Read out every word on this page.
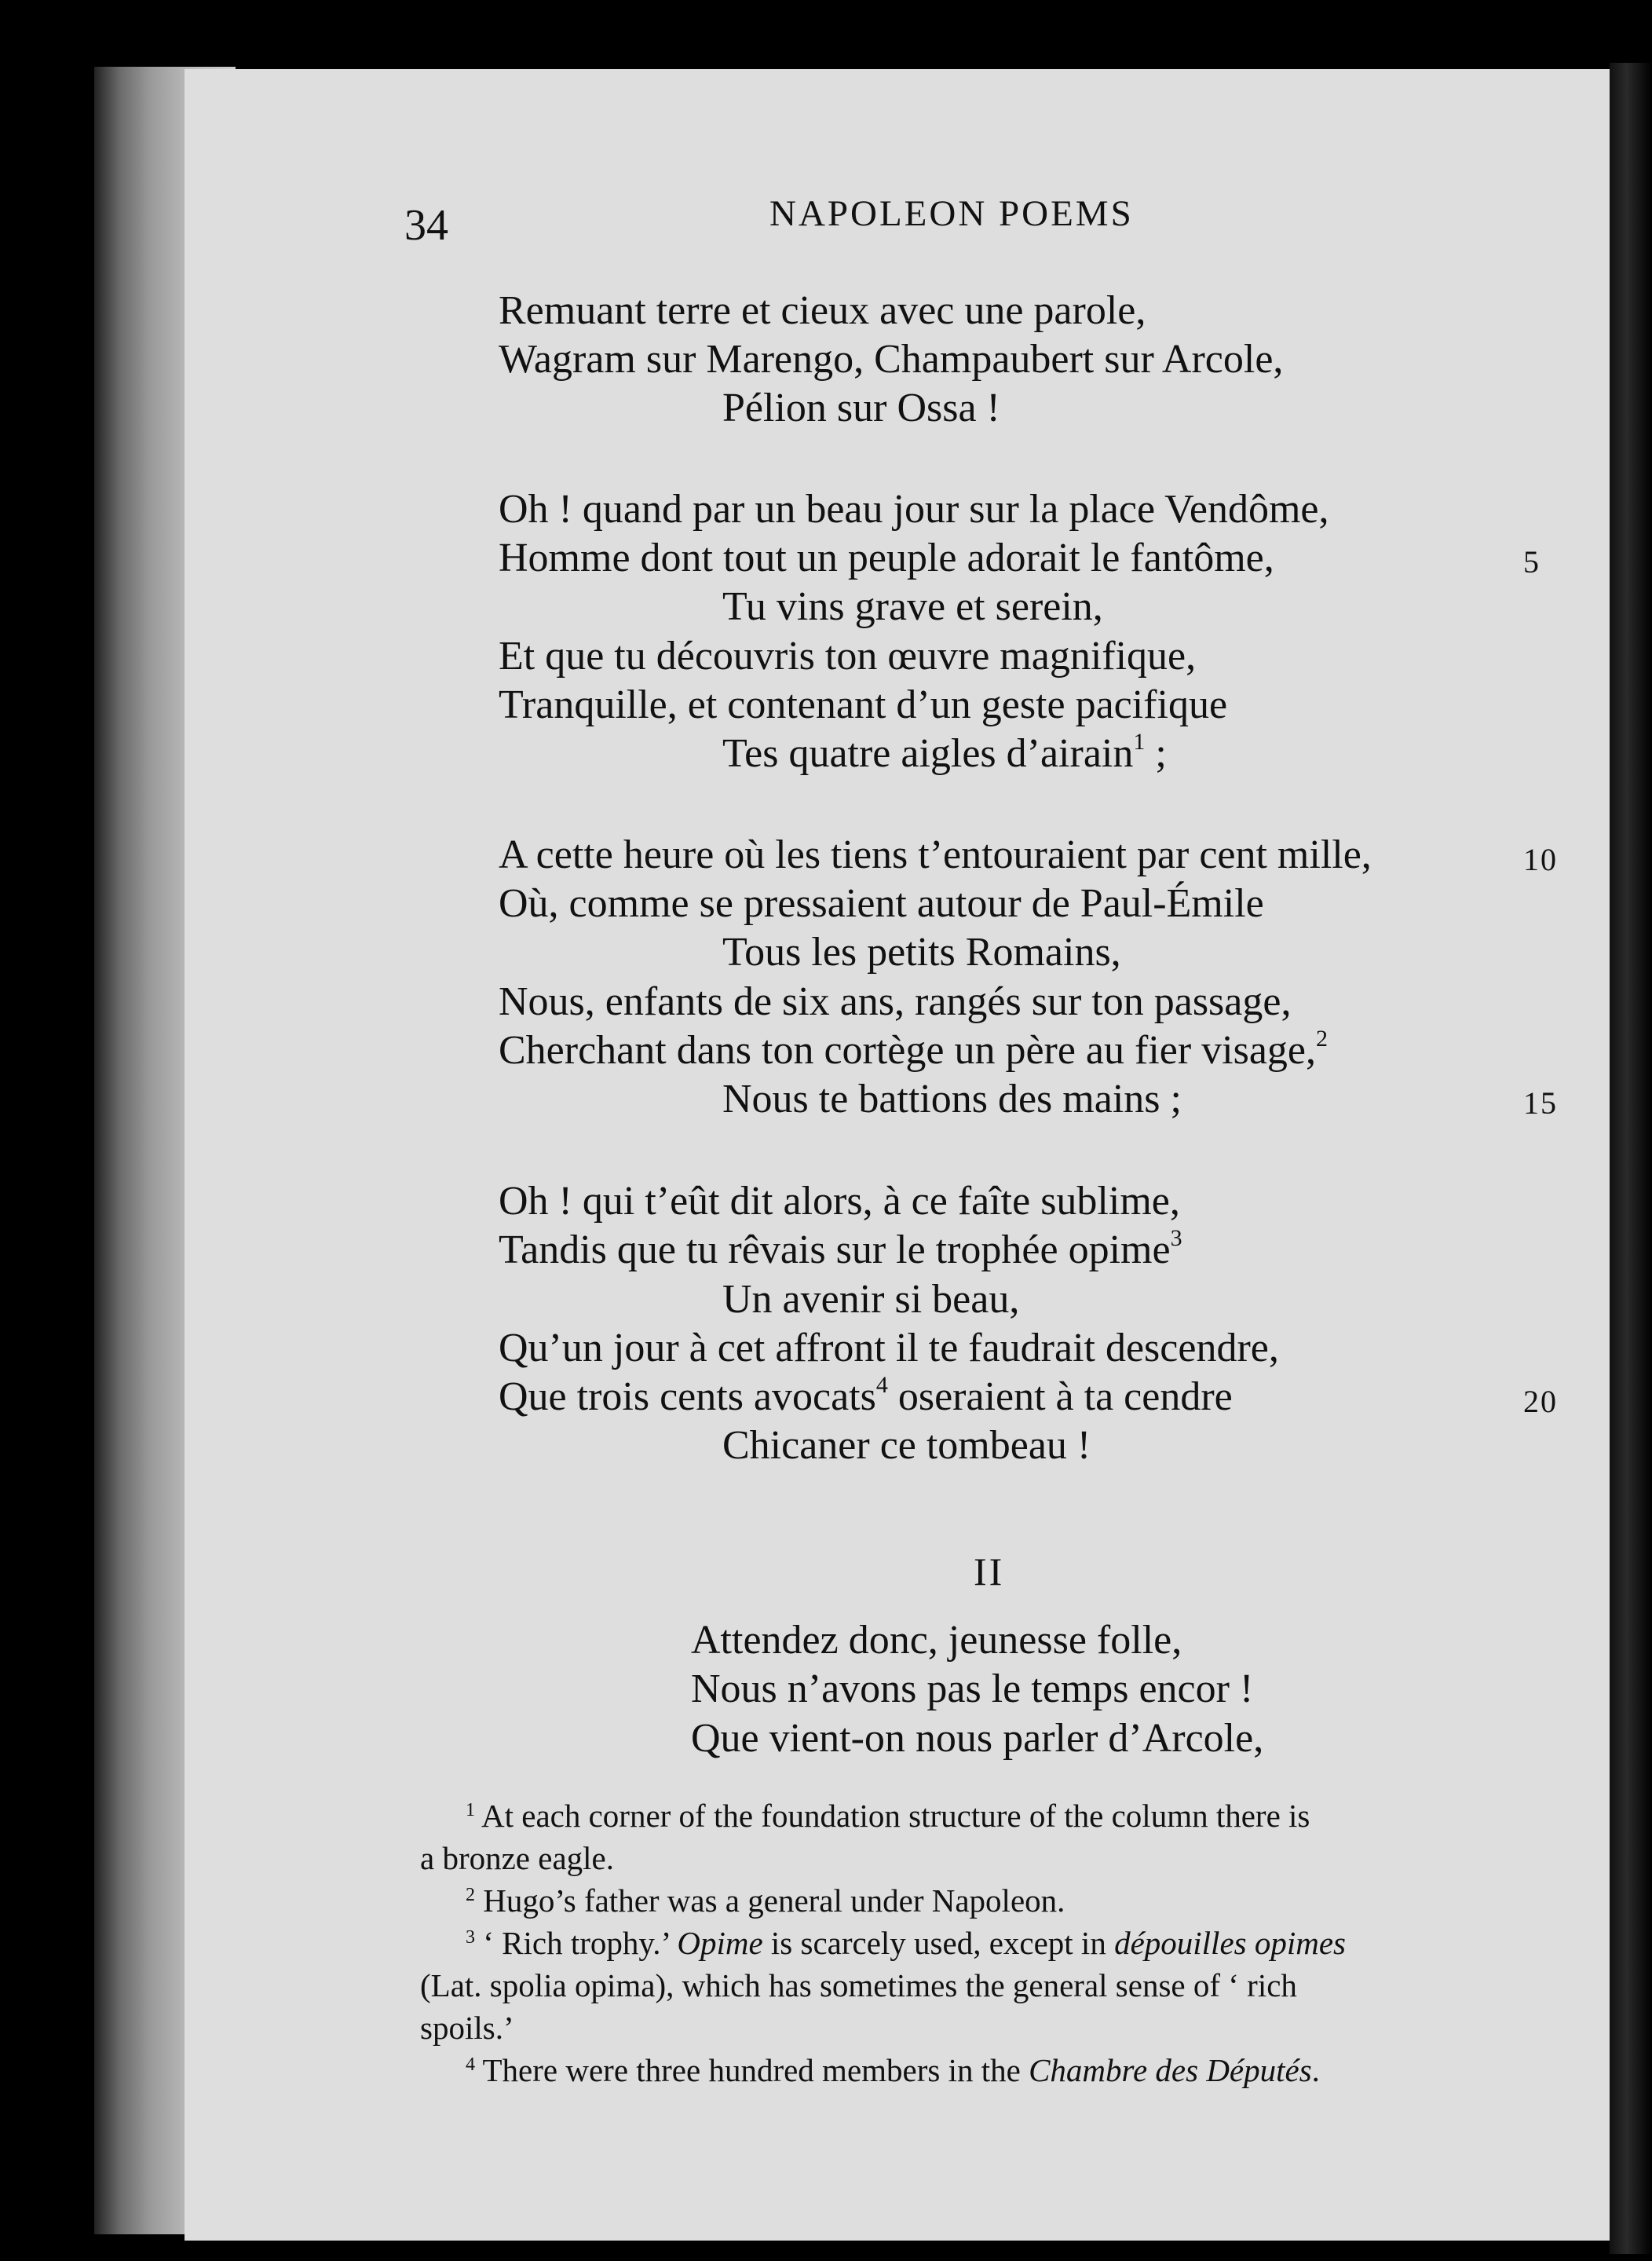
34	NAPOLEON POEMS
Remuant terre et cieux avec une parole,
Wagram sur Marengo, Champaubert sur Arcole,
Pélion sur Ossa !
Oh ! quand par un beau jour sur la place Vendôme,
Homme dont tout un peuple adorait le fantôme,	5
Tu vins grave et serein,
Et que tu découvris ton œuvre magnifique,
Tranquille, et contenant d’un geste pacifique
Tes quatre aigles d’airain$^1$ ;
A cette heure où les tiens t’entouraient par cent mille,	10
Où, comme se pressaient autour de Paul-Émile
Tous les petits Romains,
Nous, enfants de six ans, rangés sur ton passage,
Cherchant dans ton cortège un père au fier visage,$^2$
Nous te battions des mains ;	15
Oh ! qui t’eût dit alors, à ce faîte sublime,
Tandis que tu rêvais sur le trophée opime$^3$
Un avenir si beau,
Qu’un jour à cet affront il te faudrait descendre,
Que trois cents avocats$^4$ oseraient à ta cendre	20
Chicaner ce tombeau !
II
Attendez donc, jeunesse folle,
Nous n’avons pas le temps encor !
Que vient-on nous parler d’Arcole,
$^1$ At each corner of the foundation structure of the column there is
a bronze eagle.
$^2$ Hugo’s father was a general under Napoleon.
$^3$ ‘ Rich trophy.’ Opime is scarcely used, except in dépouilles opimes
(Lat. spolia opima), which has sometimes the general sense of ‘ rich
spoils.’
$^4$ There were three hundred members in the Chambre des Députés.
